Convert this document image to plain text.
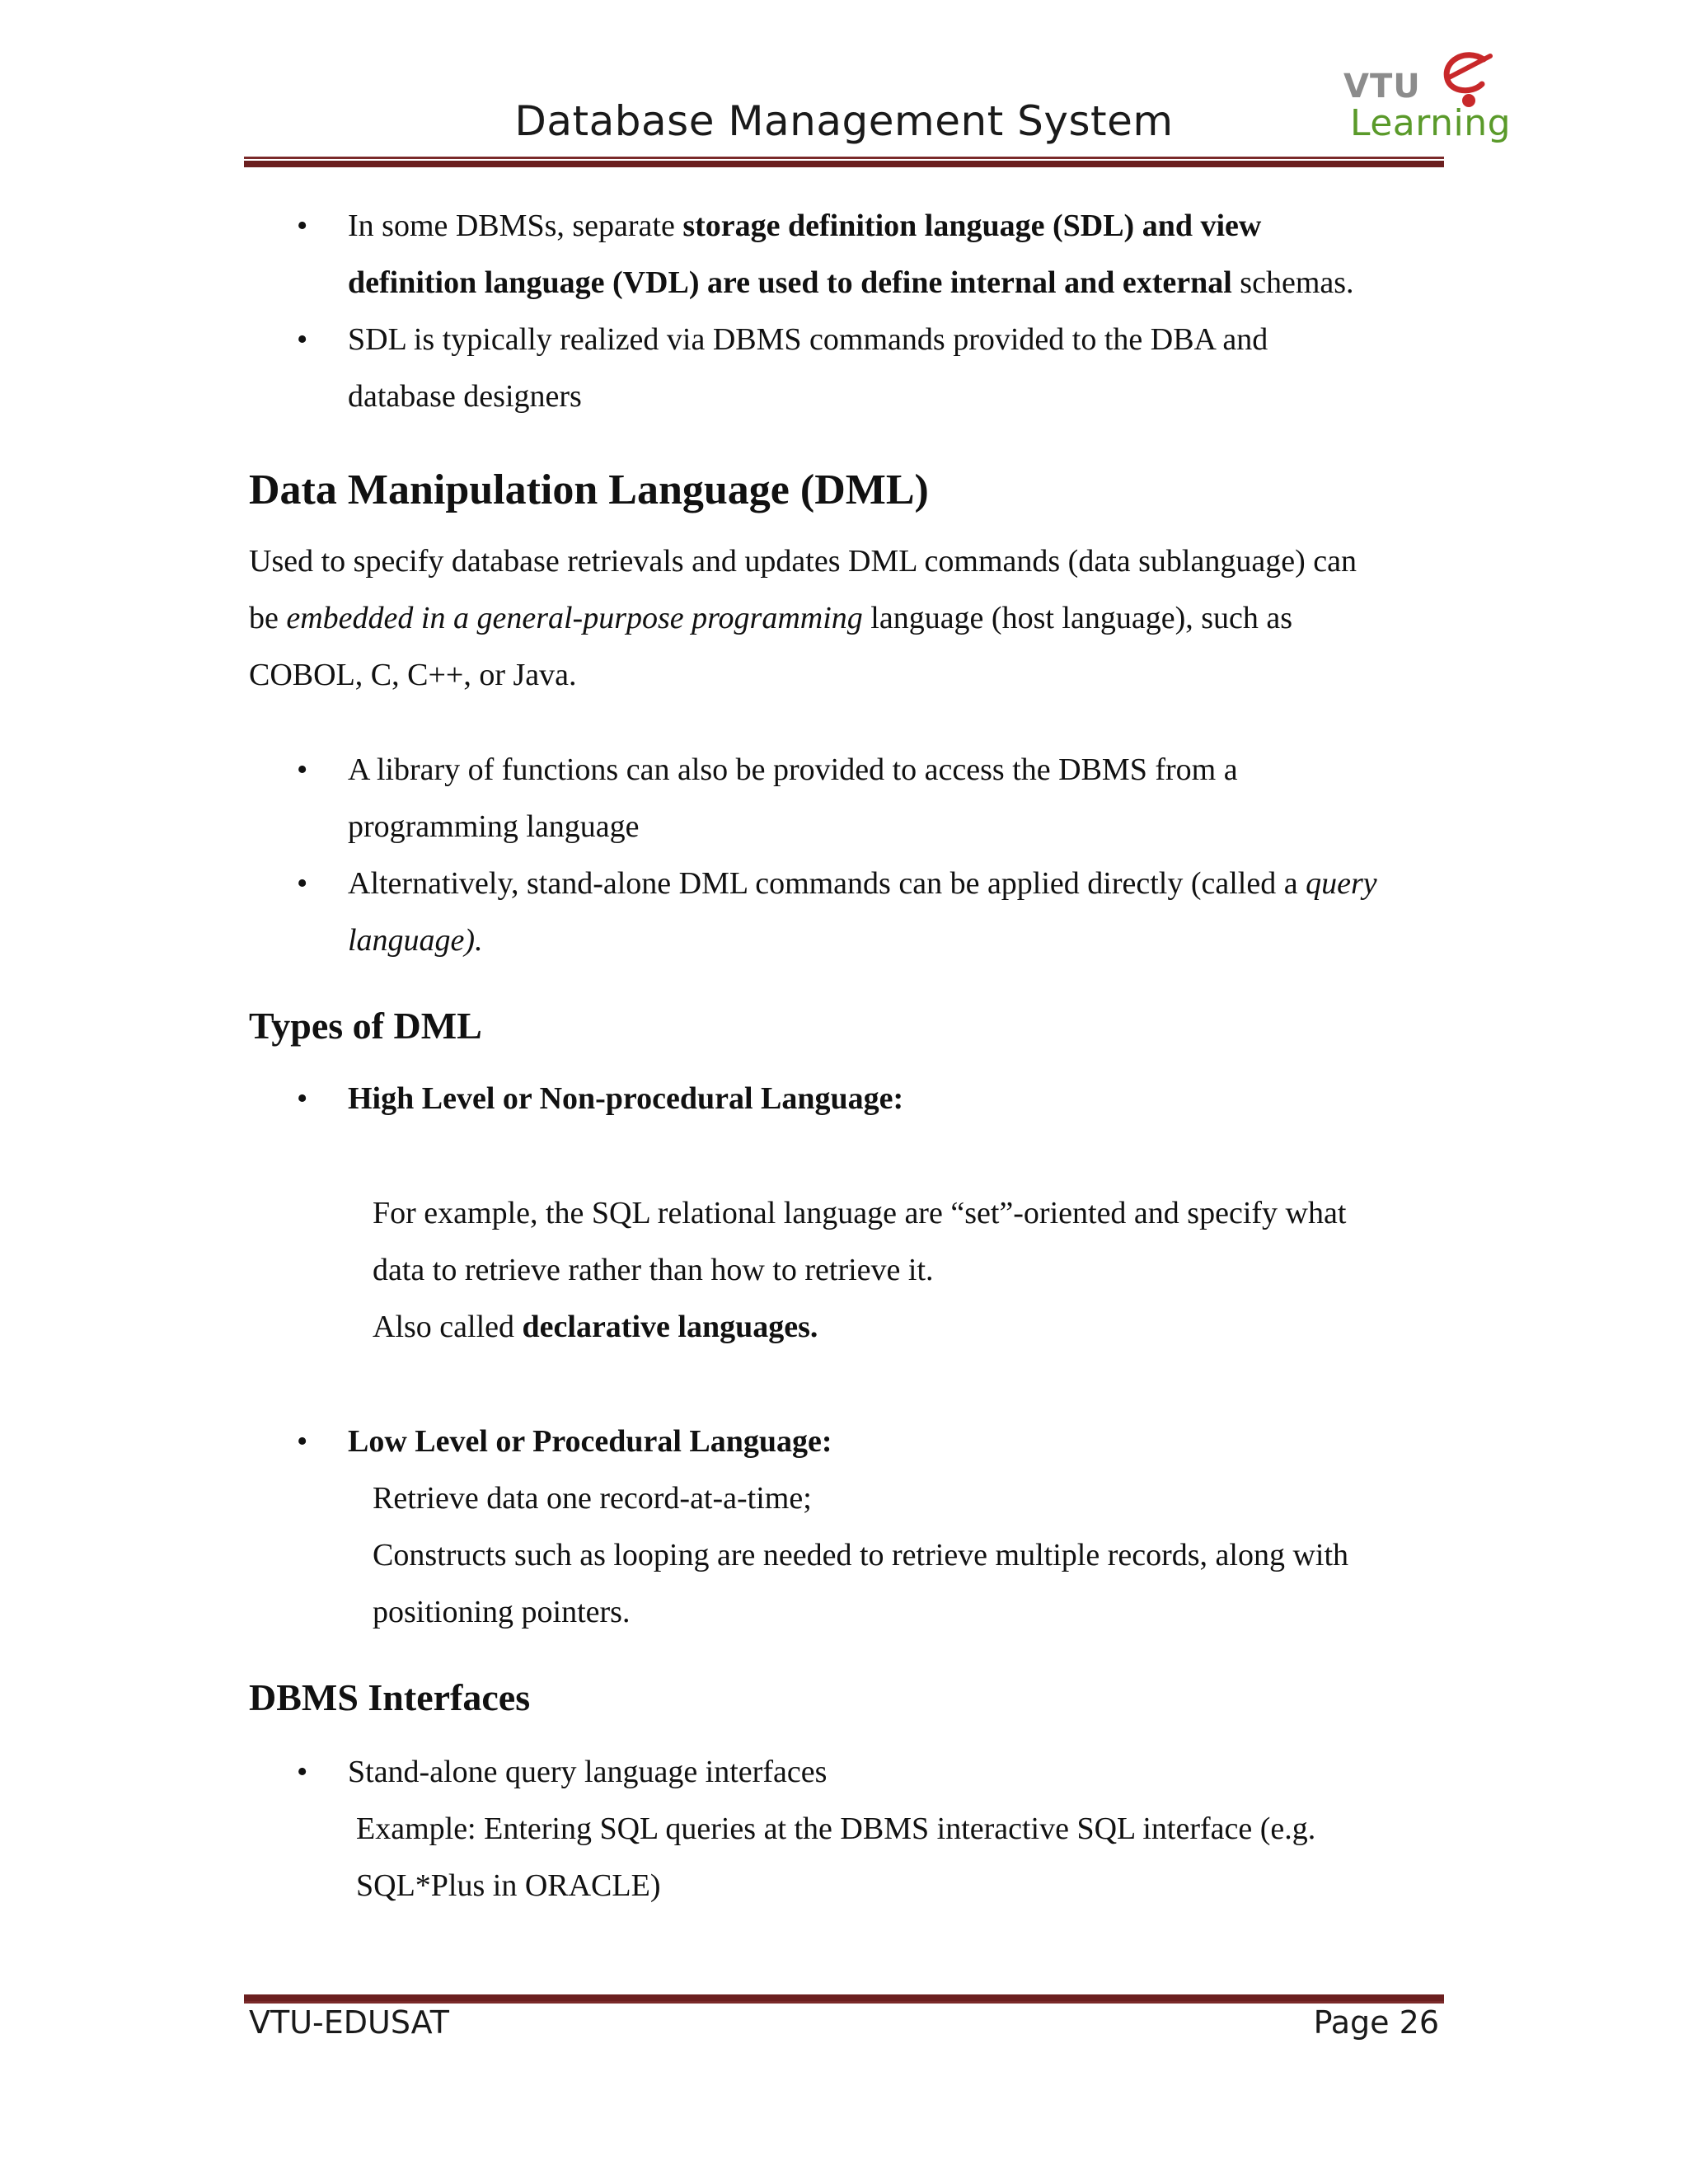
Database Management System
VTU
Learning
• In some DBMSs, separate storage definition language (SDL) and view
definition language (VDL) are used to define internal and external schemas.
• SDL is typically realized via DBMS commands provided to the DBA and
database designers
Data Manipulation Language (DML)

Used to specify database retrievals and updates DML commands (data sublanguage) can
be embedded in a general-purpose programming language (host language), such as
COBOL, C, C++, or Java.

• A library of functions can also be provided to access the DBMS from a
programming language
• Alternatively, stand-alone DML commands can be applied directly (called a query
language).
Types of DML
• High Level or Non-procedural Language:

For example, the SQL relational language are “set”-oriented and specify what
data to retrieve rather than how to retrieve it.
Also called declarative languages.

• Low Level or Procedural Language:

Retrieve data one record-at-a-time;
Constructs such as looping are needed to retrieve multiple records, along with
positioning pointers.

DBMS Interfaces
• Stand-alone query language interfaces

Example: Entering SQL queries at the DBMS interactive SQL interface (e.g.
SQL*Plus in ORACLE)

VTU-EDUSAT	Page 26
